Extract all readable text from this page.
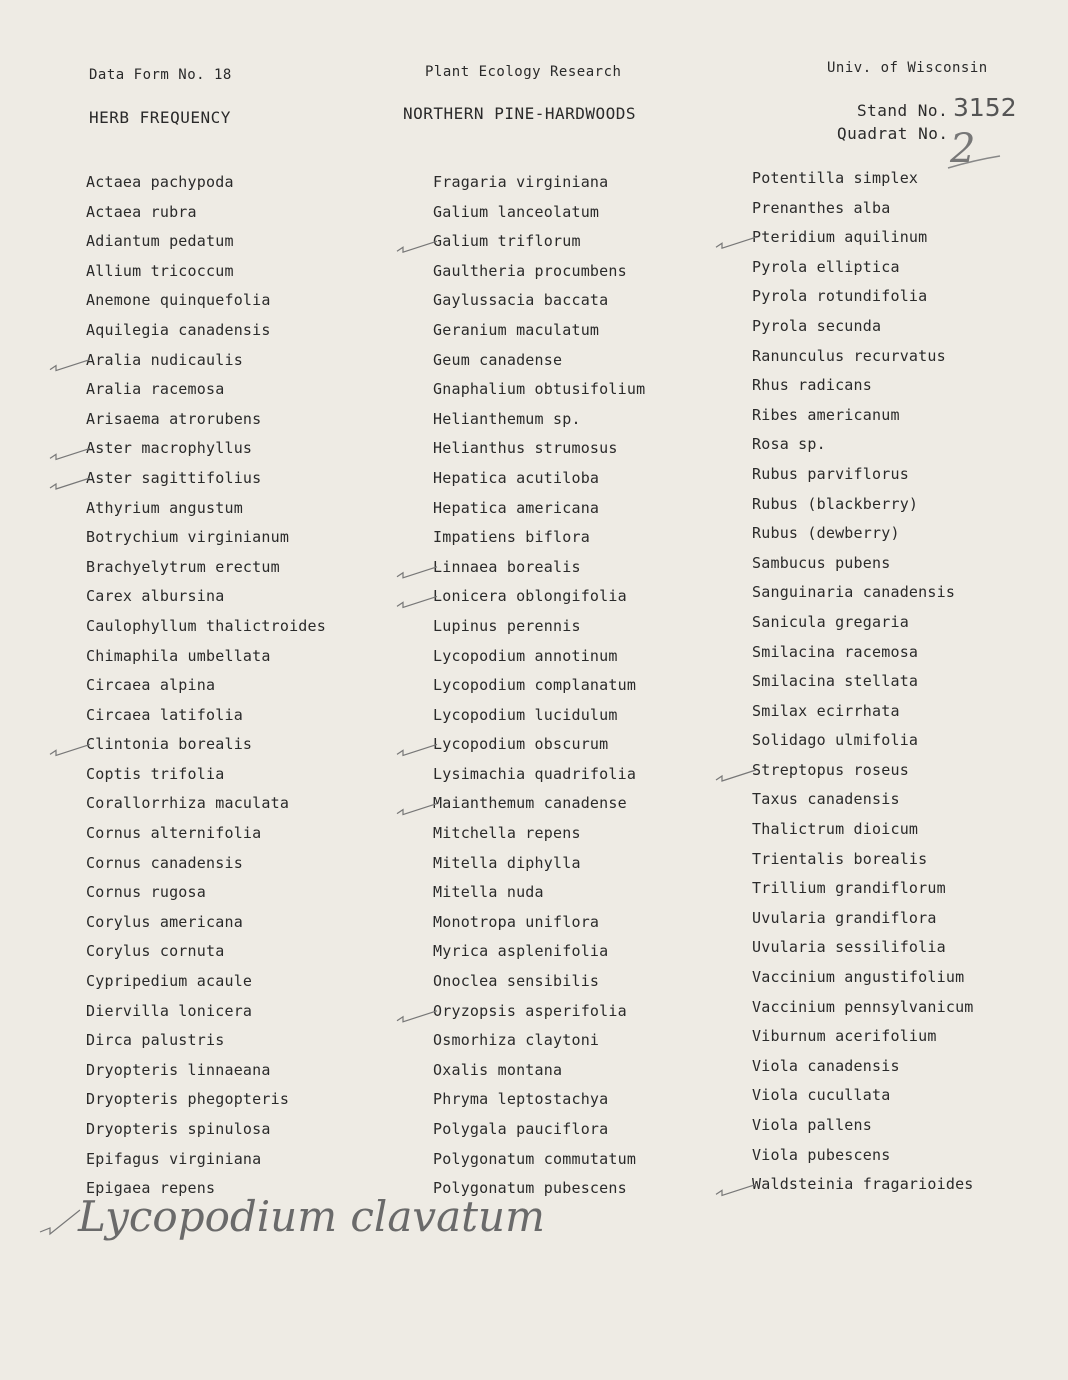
Data Form No. 18	Plant Ecology Research	Univ. of Wisconsin
HERB FREQUENCY	NORTHERN PINE-HARDWOODS	Stand No. 3152
Quadrat No. 2
Actaea pachypoda
Actaea rubra
Adiantum pedatum
Allium tricoccum
Anemone quinquefolia
Aquilegia canadensis
Aralia nudicaulis
Aralia racemosa
Arisaema atrorubens
Aster macrophyllus
Aster sagittifolius
Athyrium angustum
Botrychium virginianum
Brachyelytrum erectum
Carex albursina
Caulophyllum thalictroides
Chimaphila umbellata
Circaea alpina
Circaea latifolia
Clintonia borealis
Coptis trifolia
Corallorrhiza maculata
Cornus alternifolia
Cornus canadensis
Cornus rugosa
Corylus americana
Corylus cornuta
Cypripedium acaule
Diervilla lonicera
Dirca palustris
Dryopteris linnaeana
Dryopteris phegopteris
Dryopteris spinulosa
Epifagus virginiana
Epigaea repens
Fragaria virginiana
Galium lanceolatum
Galium triflorum
Gaultheria procumbens
Gaylussacia baccata
Geranium maculatum
Geum canadense
Gnaphalium obtusifolium
Helianthemum sp.
Helianthus strumosus
Hepatica acutiloba
Hepatica americana
Impatiens biflora
Linnaea borealis
Lonicera oblongifolia
Lupinus perennis
Lycopodium annotinum
Lycopodium complanatum
Lycopodium lucidulum
Lycopodium obscurum
Lysimachia quadrifolia
Maianthemum canadense
Mitchella repens
Mitella diphylla
Mitella nuda
Monotropa uniflora
Myrica asplenifolia
Onoclea sensibilis
Oryzopsis asperifolia
Osmorhiza claytoni
Oxalis montana
Phryma leptostachya
Polygala pauciflora
Polygonatum commutatum
Polygonatum pubescens
Potentilla simplex
Prenanthes alba
Pteridium aquilinum
Pyrola elliptica
Pyrola rotundifolia
Pyrola secunda
Ranunculus recurvatus
Rhus radicans
Ribes americanum
Rosa sp.
Rubus parviflorus
Rubus (blackberry)
Rubus (dewberry)
Sambucus pubens
Sanguinaria canadensis
Sanicula gregaria
Smilacina racemosa
Smilacina stellata
Smilax ecirrhata
Solidago ulmifolia
Streptopus roseus
Taxus canadensis
Thalictrum dioicum
Trientalis borealis
Trillium grandiflorum
Uvularia grandiflora
Uvularia sessilifolia
Vaccinium angustifolium
Vaccinium pennsylvanicum
Viburnum acerifolium
Viola canadensis
Viola cucullata
Viola pallens
Viola pubescens
Waldsteinia fragarioides
Lycopodium clavatum
